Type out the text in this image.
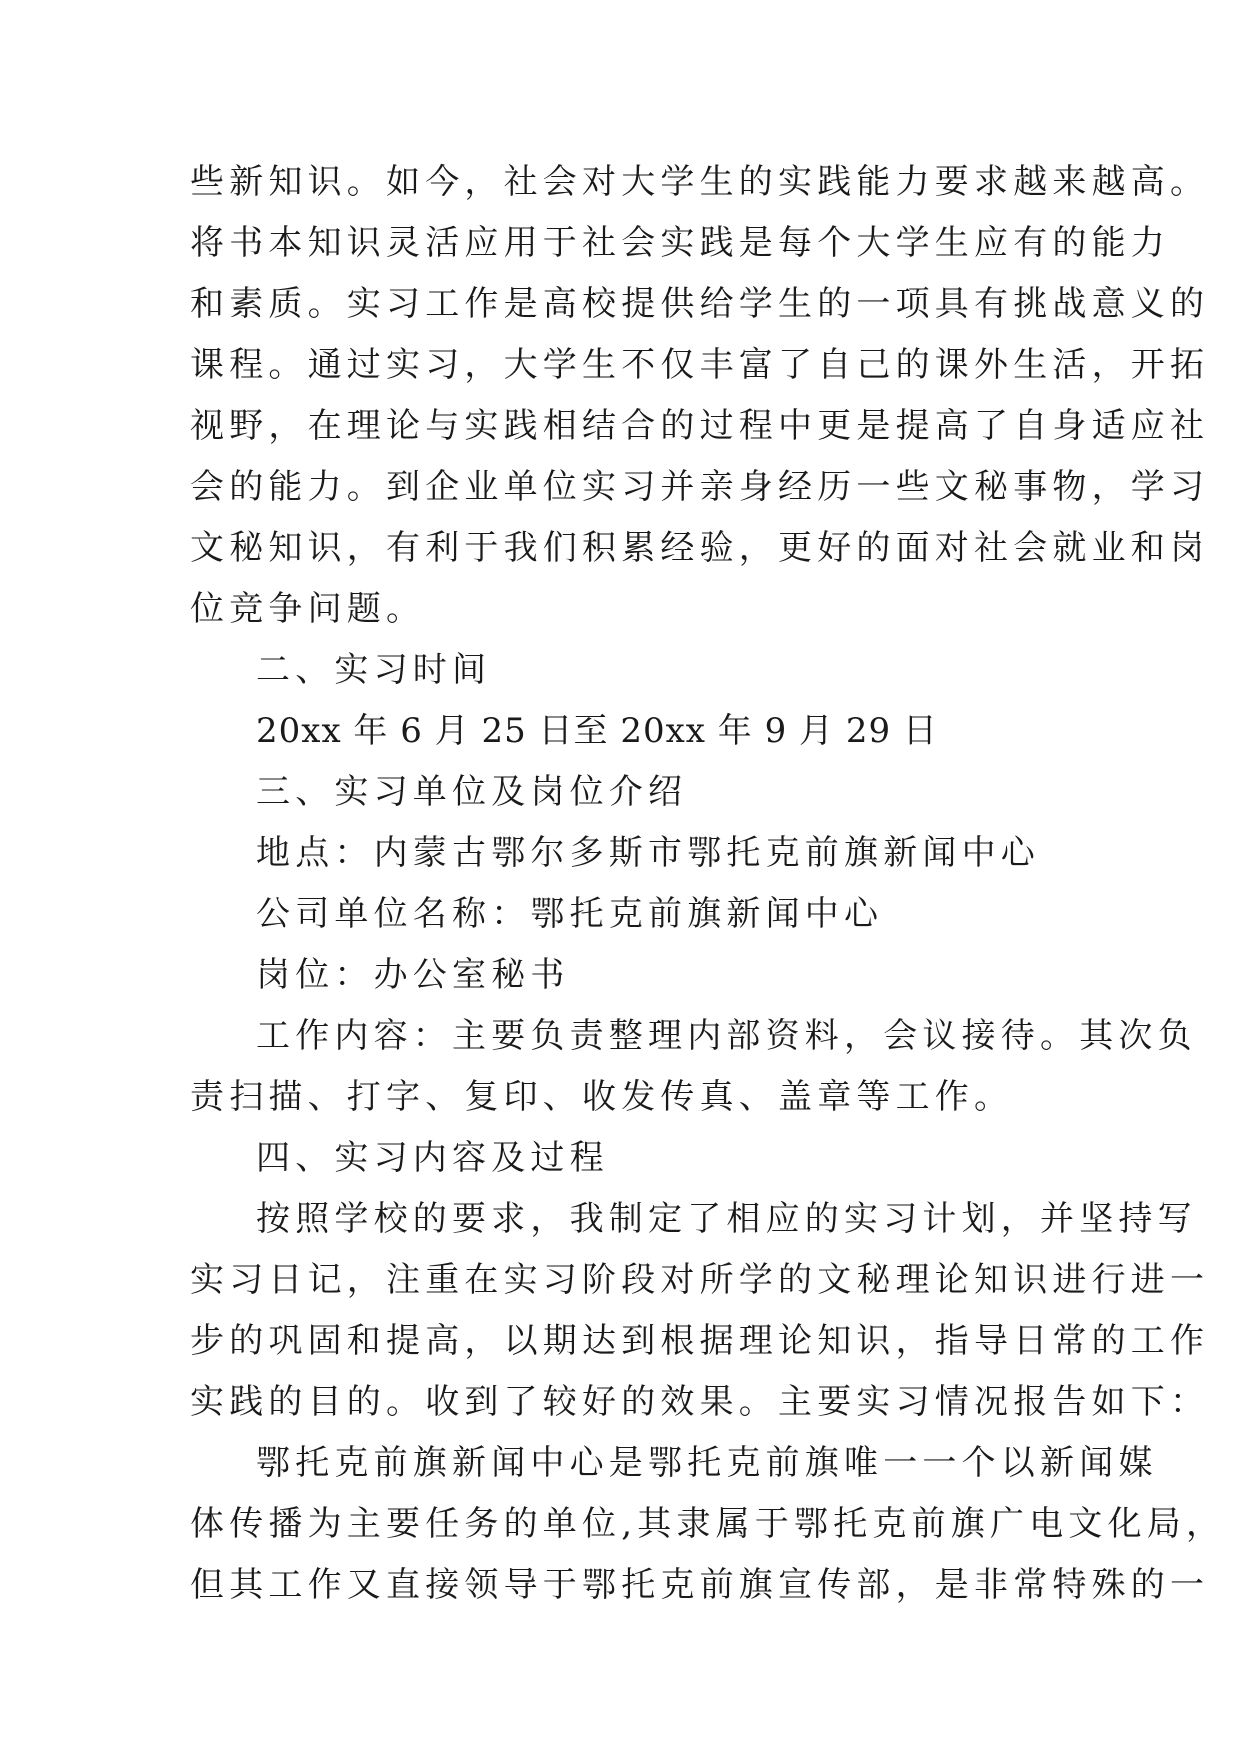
些新知识。如今，社会对大学生的实践能力要求越来越高。
将书本知识灵活应用于社会实践是每个大学生应有的能力
和素质。实习工作是高校提供给学生的一项具有挑战意义的
课程。通过实习，大学生不仅丰富了自己的课外生活，开拓
视野，在理论与实践相结合的过程中更是提高了自身适应社
会的能力。到企业单位实习并亲身经历一些文秘事物，学习
文秘知识，有利于我们积累经验，更好的面对社会就业和岗
位竞争问题。
二、实习时间
20xx 年 6 月 25 日至 20xx 年 9 月 29 日
三、实习单位及岗位介绍
地点：内蒙古鄂尔多斯市鄂托克前旗新闻中心
公司单位名称：鄂托克前旗新闻中心
岗位：办公室秘书
工作内容：主要负责整理内部资料，会议接待。其次负
责扫描、打字、复印、收发传真、盖章等工作。
四、实习内容及过程
按照学校的要求，我制定了相应的实习计划，并坚持写
实习日记，注重在实习阶段对所学的文秘理论知识进行进一
步的巩固和提高，以期达到根据理论知识，指导日常的工作
实践的目的。收到了较好的效果。主要实习情况报告如下：
鄂托克前旗新闻中心是鄂托克前旗唯一一个以新闻媒
体传播为主要任务的单位,其隶属于鄂托克前旗广电文化局，
但其工作又直接领导于鄂托克前旗宣传部，是非常特殊的一
